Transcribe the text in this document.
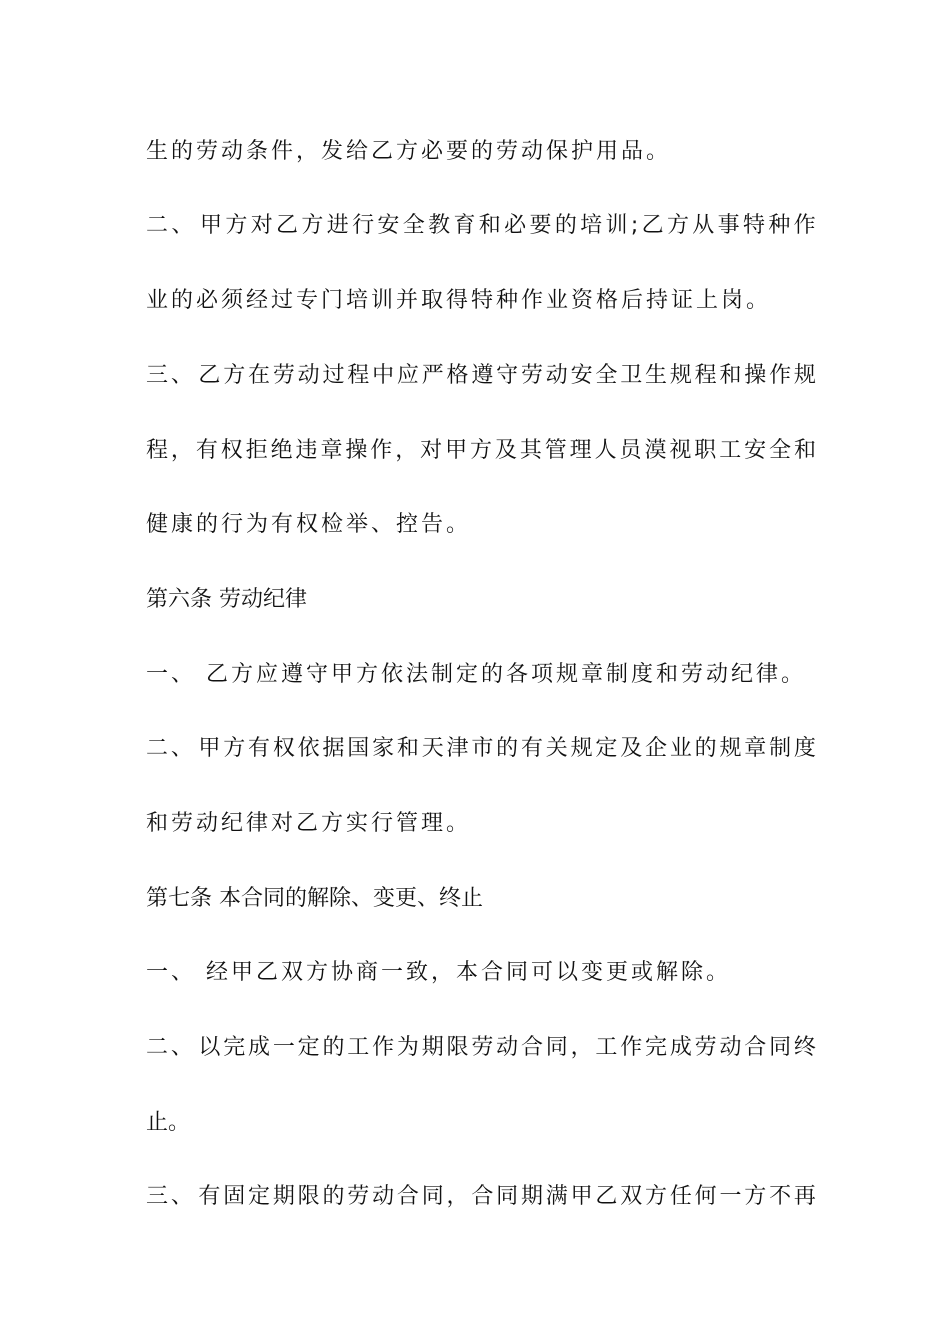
生的劳动条件，发给乙方必要的劳动保护用品。
二 、 甲 方 对 乙 方 进 行 安 全 教 育 和 必 要 的 培 训 ; 乙 方 从 事 特 种 作
业的必须经过专门培训并取得特种作业资格后持证上岗。
三 、 乙 方 在 劳 动 过 程 中 应 严 格 遵 守 劳 动 安 全 卫 生 规 程 和 操 作 规
程 ， 有 权 拒 绝 违 章 操 作 ， 对 甲 方 及 其 管 理 人 员 漠 视 职 工 安 全 和
健康的行为有权检举、控告。
第六条 劳动纪律
一、 乙方应遵守甲方依法制定的各项规章制度和劳动纪律。
二 、 甲 方 有 权 依 据 国 家 和 天 津 市 的 有 关 规 定 及 企 业 的 规 章 制 度
和劳动纪律对乙方实行管理。
第七条 本合同的解除、变更、终止
一、 经甲乙双方协商一致，本合同可以变更或解除。
二 、 以 完 成 一 定 的 工 作 为 期 限 劳 动 合 同 ， 工 作 完 成 劳 动 合 同 终
止。
三 、 有 固 定 期 限 的 劳 动 合 同 ， 合 同 期 满 甲 乙 双 方 任 何 一 方 不 再
